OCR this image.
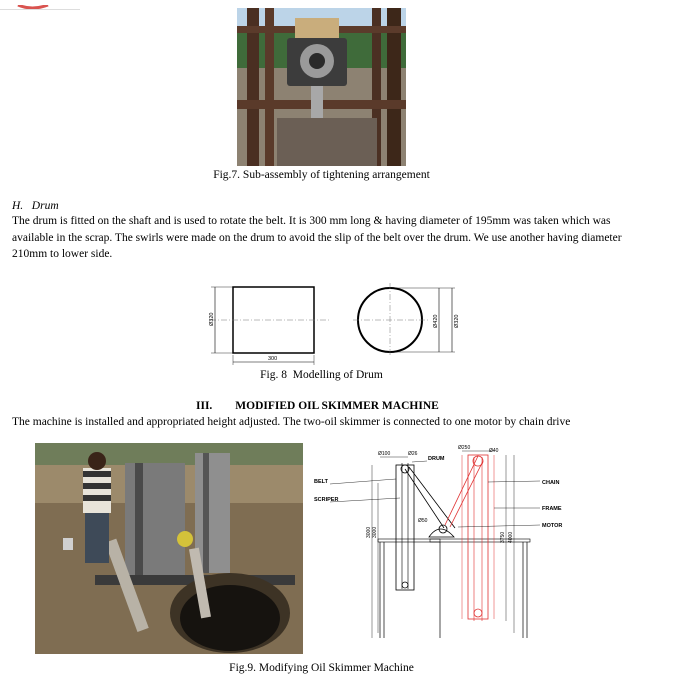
Fig.7. Sub-assembly of tightening arrangement
H.   Drum
The drum is fitted on the shaft and is used to rotate the belt. It is 300 mm long & having diameter of 195mm was taken which was
available in the scrap. The swirls were made on the drum to avoid the slip of the belt over the drum. We use another having diameter
210mm to lower side.
Ø320
300
Ø420	Ø320
Fig. 8  Modelling of Drum
III.        MODIFIED OIL SKIMMER MACHINE
The machine is installed and appropriated height adjusted. The two-oil skimmer is connected to one motor by chain drive
BELT
SCRIPER
DRUM
CHAIN
FRAME
MOTOR
Ø100	Ø26
Ø250	Ø40
Ø50
3000 3000	3750 4000
Fig.9. Modifying Oil Skimmer Machine
